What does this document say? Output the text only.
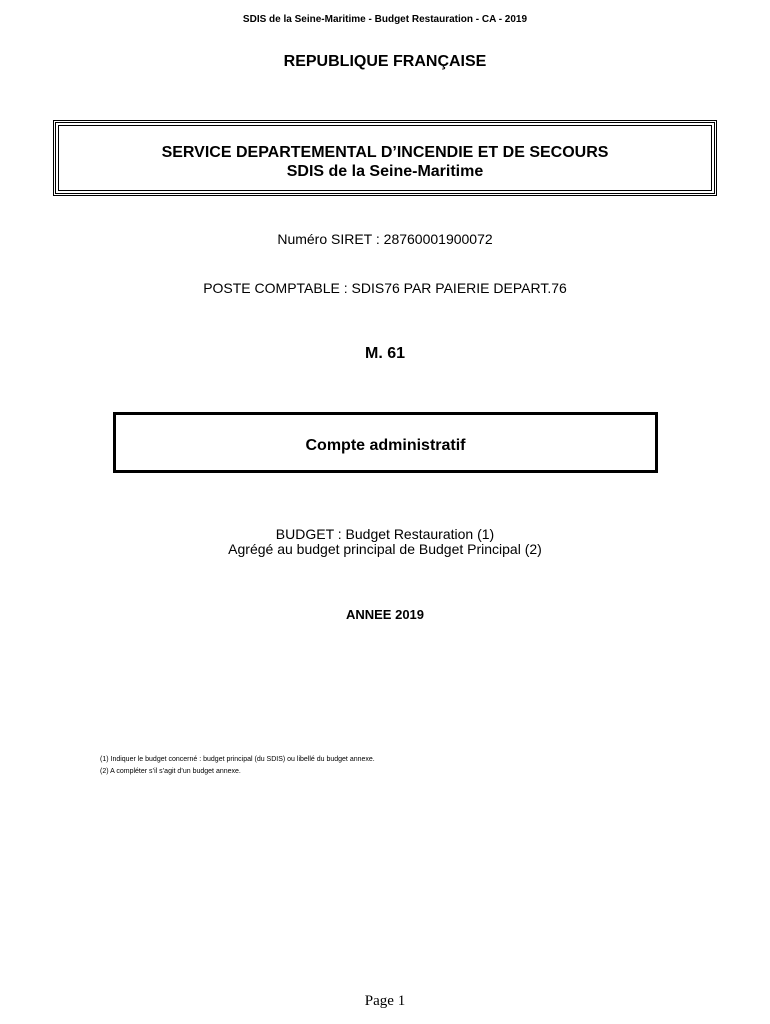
SDIS de la Seine-Maritime - Budget Restauration - CA - 2019
REPUBLIQUE FRANÇAISE
SERVICE DEPARTEMENTAL D’INCENDIE ET DE SECOURS
SDIS de la Seine-Maritime
Numéro SIRET : 28760001900072
POSTE COMPTABLE : SDIS76 PAR PAIERIE DEPART.76
M. 61
Compte administratif
BUDGET : Budget Restauration (1)
Agrégé au budget principal de Budget Principal (2)
ANNEE 2019
(1) Indiquer le budget concerné : budget principal (du SDIS) ou libellé du budget annexe.
(2) A compléter s’il s’agit d’un budget annexe.
Page 1
